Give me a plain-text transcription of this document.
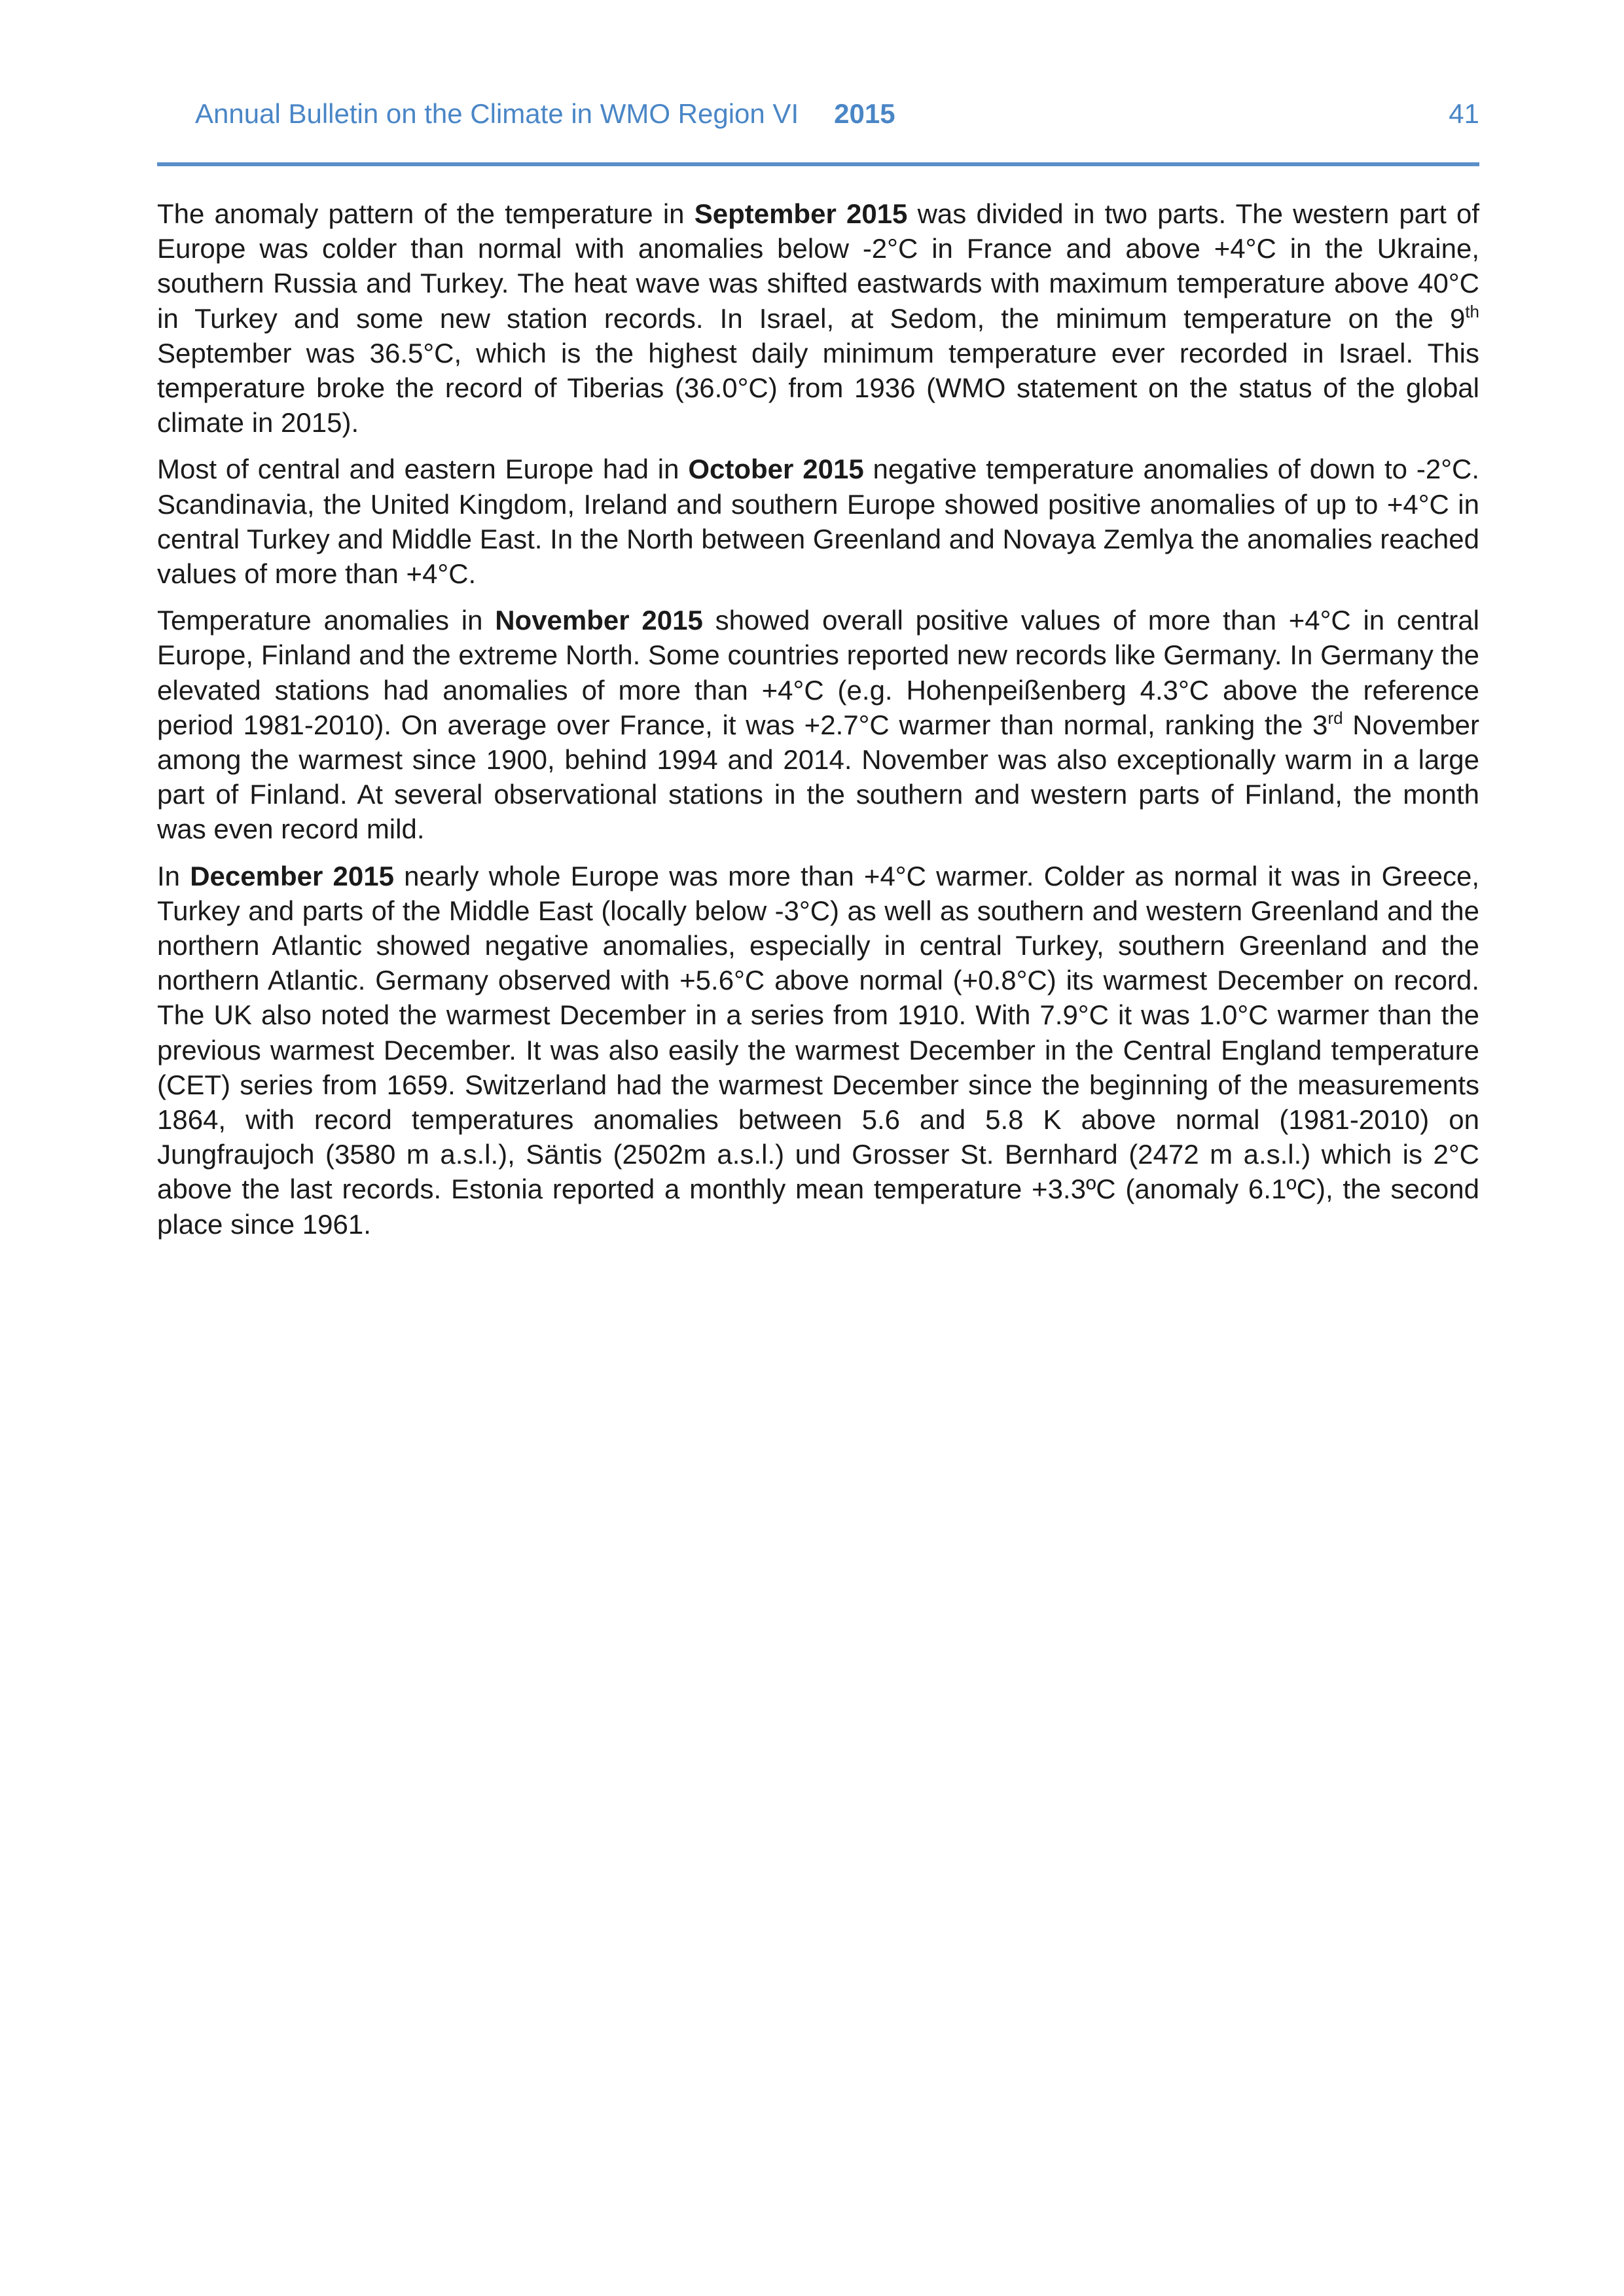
Annual Bulletin on the Climate in WMO Region VI 2015	41

The anomaly pattern of the temperature in September 2015 was divided in two parts. The western part of Europe was colder than normal with anomalies below -2°C in France and above +4°C in the Ukraine, southern Russia and Turkey. The heat wave was shifted eastwards with maximum temperature above 40°C in Turkey and some new station records. In Israel, at Sedom, the minimum temperature on the 9th September was 36.5°C, which is the highest daily minimum temperature ever recorded in Israel. This temperature broke the record of Tiberias (36.0°C) from 1936 (WMO statement on the status of the global climate in 2015).

Most of central and eastern Europe had in October 2015 negative temperature anomalies of down to -2°C. Scandinavia, the United Kingdom, Ireland and southern Europe showed positive anomalies of up to +4°C in central Turkey and Middle East. In the North between Greenland and Novaya Zemlya the anomalies reached values of more than +4°C.

Temperature anomalies in November 2015 showed overall positive values of more than +4°C in central Europe, Finland and the extreme North. Some countries reported new records like Germany. In Germany the elevated stations had anomalies of more than +4°C (e.g. Hohenpeißenberg 4.3°C above the reference period 1981-2010). On average over France, it was +2.7°C warmer than normal, ranking the 3rd November among the warmest since 1900, behind 1994 and 2014. November was also exceptionally warm in a large part of Finland. At several observational stations in the southern and western parts of Finland, the month was even record mild.

In December 2015 nearly whole Europe was more than +4°C warmer. Colder as normal it was in Greece, Turkey and parts of the Middle East (locally below -3°C) as well as southern and western Greenland and the northern Atlantic showed negative anomalies, especially in central Turkey, southern Greenland and the northern Atlantic. Germany observed with +5.6°C above normal (+0.8°C) its warmest December on record. The UK also noted the warmest December in a series from 1910. With 7.9°C it was 1.0°C warmer than the previous warmest December. It was also easily the warmest December in the Central England temperature (CET) series from 1659. Switzerland had the warmest December since the beginning of the measurements 1864, with record temperatures anomalies between 5.6 and 5.8 K above normal (1981-2010) on Jungfraujoch (3580 m a.s.l.), Säntis (2502m a.s.l.) und Grosser St. Bernhard (2472 m a.s.l.) which is 2°C above the last records. Estonia reported a monthly mean temperature +3.3ºC (anomaly 6.1ºC), the second place since 1961.
